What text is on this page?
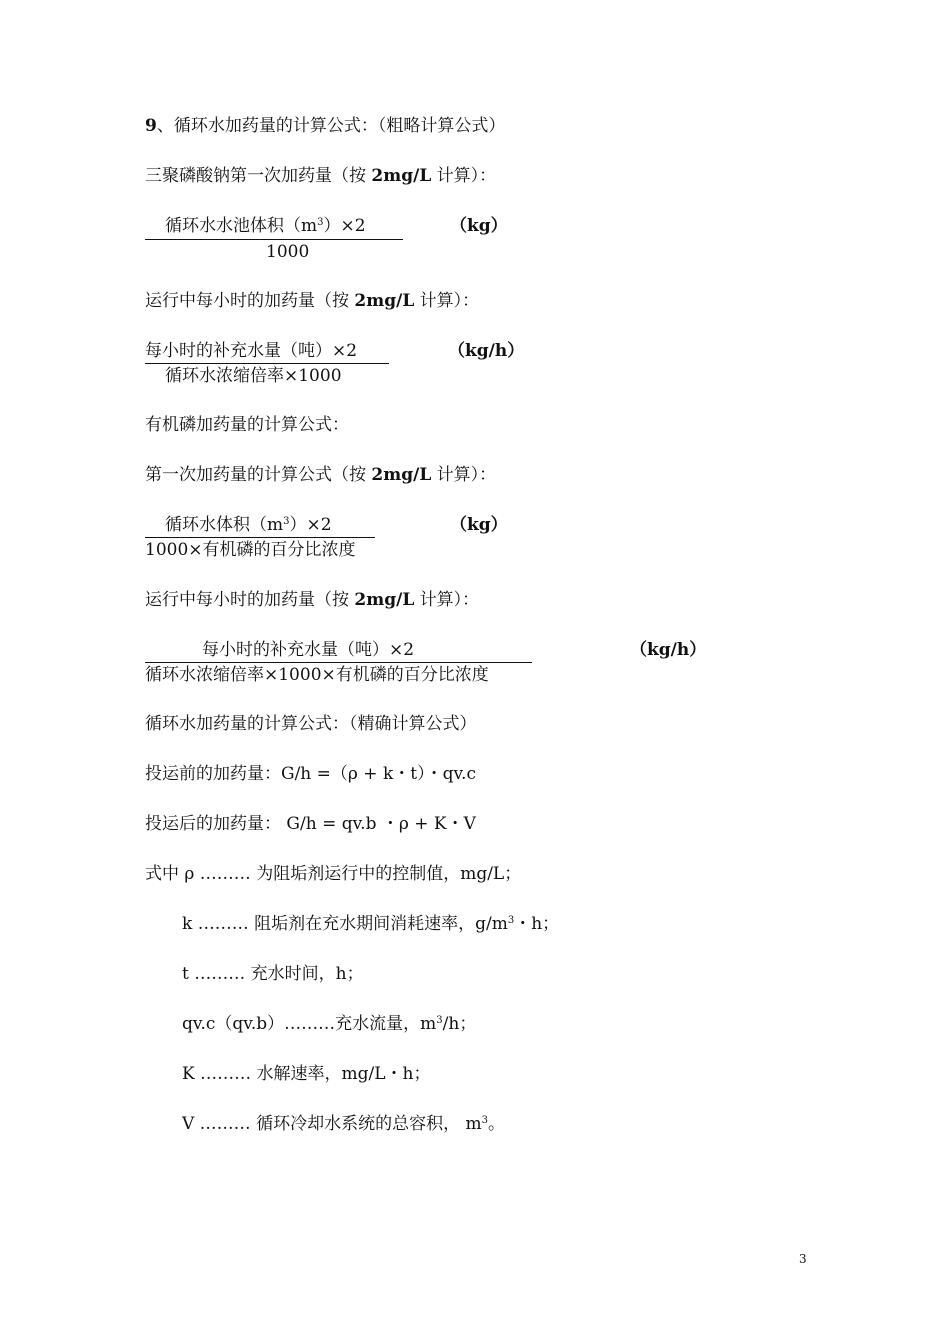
9、循环水加药量的计算公式：（粗略计算公式）
三聚磷酸钠第一次加药量（按 2mg/L 计算）：
循环水水池体积$(m^3)\times 2$
1000
（kg）
运行中每小时的加药量（按 2mg/L 计算）：
每小时的补充水量（吨）×2
循环水浓缩倍率×1000
（kg/h）
有机磷加药量的计算公式：
第一次加药量的计算公式（按 2mg/L 计算）：
循环水体积$(m^3)\times 2$
1000×有机磷的百分比浓度
（kg）
运行中每小时的加药量（按 2mg/L 计算）：
每小时的补充水量（吨）×2
循环水浓缩倍率×1000×有机磷的百分比浓度
（kg/h）
循环水加药量的计算公式：（精确计算公式）
投运前的加药量：G/h =（ρ + k・t）・qv.c
投运后的加药量： G/h = qv.b ・ρ + K・V
式中 ρ ……… 为阻垢剂运行中的控制值，mg/L；
k ……… 阻垢剂在充水期间消耗速率，$g/m^3$・h；
t ……… 充水时间，h；
qv.c（qv.b）………充水流量，$m^3/h$；
K ……… 水解速率，mg/L・h；
V ……… 循环冷却水系统的总容积， $m^3$。
3
